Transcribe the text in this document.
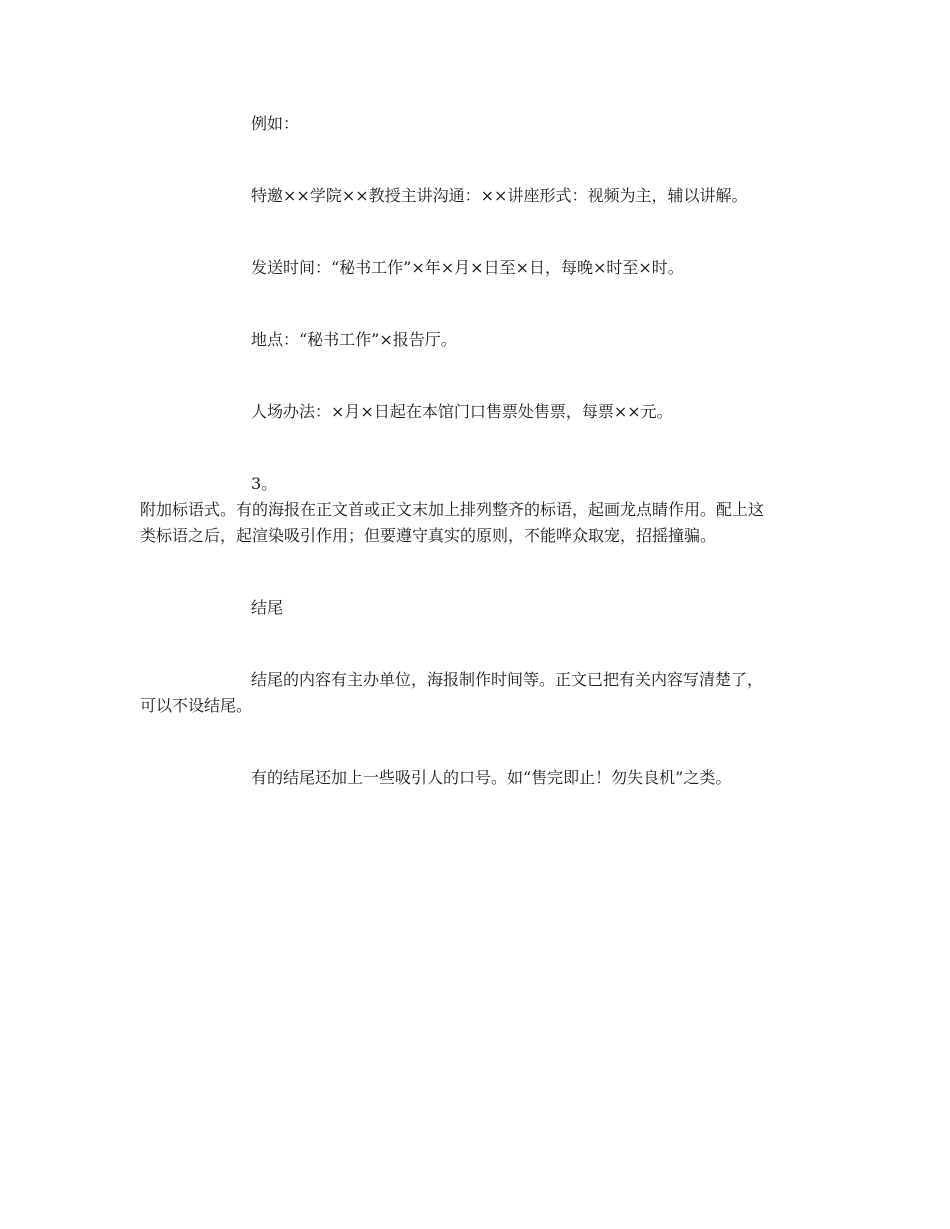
例如：

特邀××学院××教授主讲沟通：××讲座形式：视频为主，辅以讲解。

发送时间：“秘书工作”×年×月×日至×日，每晚×时至×时。

地点：“秘书工作”×报告厅。

人场办法：×月×日起在本馆门口售票处售票，每票××元。

3。

附加标语式。有的海报在正文首或正文末加上排列整齐的标语，起画龙点睛作用。配上这

类标语之后，起渲染吸引作用；但要遵守真实的原则，不能哗众取宠，招摇撞骗。

结尾

结尾的内容有主办单位，海报制作时间等。正文已把有关内容写清楚了，

可以不设结尾。

有的结尾还加上一些吸引人的口号。如“售完即止！勿失良机”之类。
